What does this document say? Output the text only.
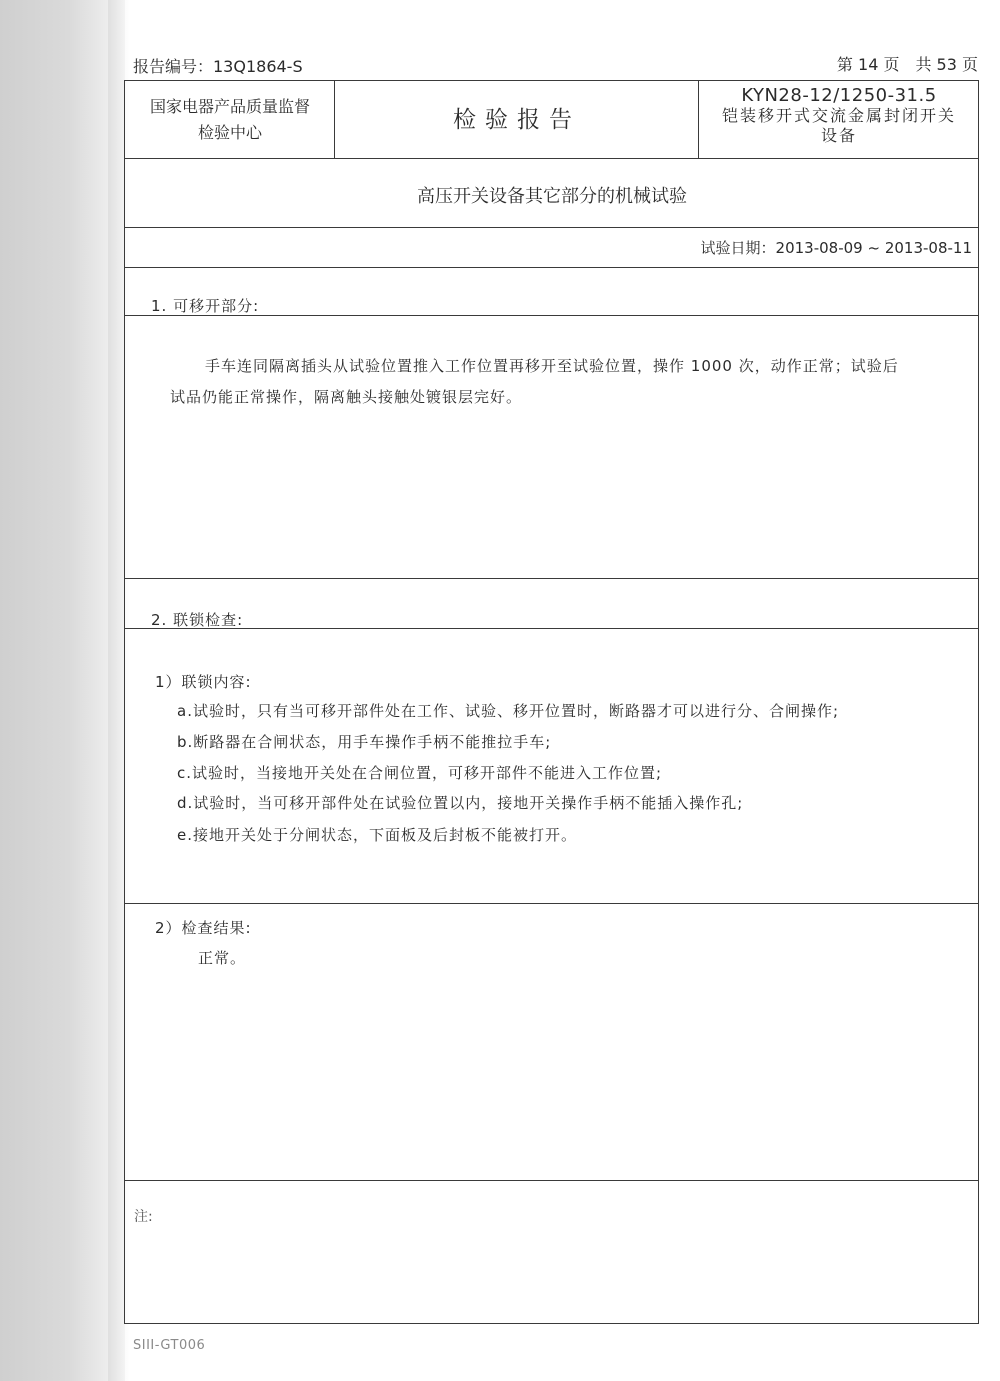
报告编号：13Q1864-S	第 14 页　共 53 页
国家电器产品质量监督
检验中心	检验报告
KYN28-12/1250-31.5
铠装移开式交流金属封闭开关
设备
高压开关设备其它部分的机械试验
试验日期：2013-08-09 ~ 2013-08-11
1. 可移开部分:
手车连同隔离插头从试验位置推入工作位置再移开至试验位置，操作 1000 次，动作正常；试验后
试品仍能正常操作，隔离触头接触处镀银层完好。
2. 联锁检查:
1）联锁内容:
a.试验时，只有当可移开部件处在工作、试验、移开位置时，断路器才可以进行分、合闸操作;
b.断路器在合闸状态，用手车操作手柄不能推拉手车;
c.试验时，当接地开关处在合闸位置，可移开部件不能进入工作位置;
d.试验时，当可移开部件处在试验位置以内，接地开关操作手柄不能插入操作孔;
e.接地开关处于分闸状态，下面板及后封板不能被打开。
2）检查结果:
正常。
注:
SIII-GT006
